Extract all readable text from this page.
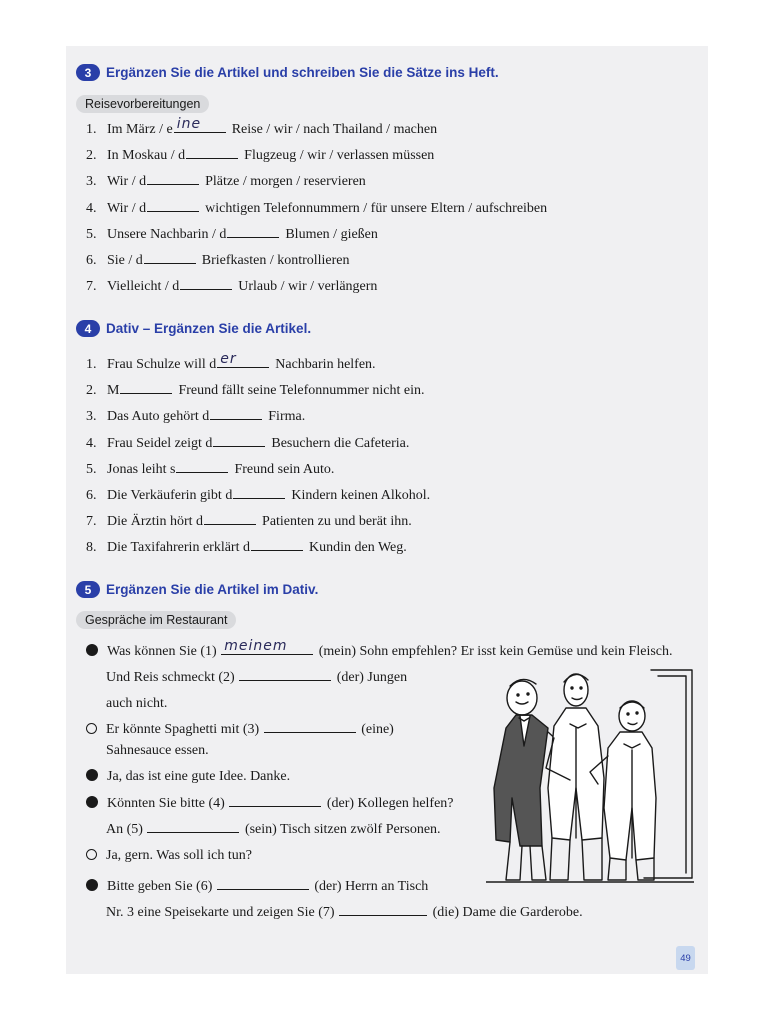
3	Ergänzen Sie die Artikel und schreiben Sie die Sätze ins Heft.
Reisevorbereitungen
1. Im März / e ine Reise / wir / nach Thailand / machen
2. In Moskau / d	Flugzeug / wir / verlassen müssen
3. Wir / d	Plätze / morgen / reservieren
4. Wir / d	wichtigen Telefonnummern / für unsere Eltern / aufschreiben
5. Unsere Nachbarin / d	Blumen / gießen
6. Sie / d	Briefkasten / kontrollieren
7. Vielleicht / d	Urlaub / wir / verlängern
4	Dativ – Ergänzen Sie die Artikel.
1. Frau Schulze will d er	Nachbarin helfen.
2. M	Freund fällt seine Telefonnummer nicht ein.
3. Das Auto gehört d	Firma.
4. Frau Seidel zeigt d	Besuchern die Cafeteria.
5. Jonas leiht s	Freund sein Auto.
6. Die Verkäuferin gibt d	Kindern keinen Alkohol.
7. Die Ärztin hört d	Patienten zu und berät ihn.
8. Die Taxifahrerin erklärt d	Kundin den Weg.
5	Ergänzen Sie die Artikel im Dativ.
Gespräche im Restaurant
Was können Sie (1) meinem (mein) Sohn empfehlen? Er isst kein Gemüse und kein Fleisch.
Und Reis schmeckt (2)	(der) Jungen
auch nicht.
Er könnte Spaghetti mit (3)	(eine)
Sahnesauce essen.
Ja, das ist eine gute Idee. Danke.
Könnten Sie bitte (4)	(der) Kollegen helfen?
An (5)	(sein) Tisch sitzen zwölf Personen.
Ja, gern. Was soll ich tun?
Bitte geben Sie (6)	(der) Herrn an Tisch
Nr. 3 eine Speisekarte und zeigen Sie (7)	(die) Dame die Garderobe.
49
